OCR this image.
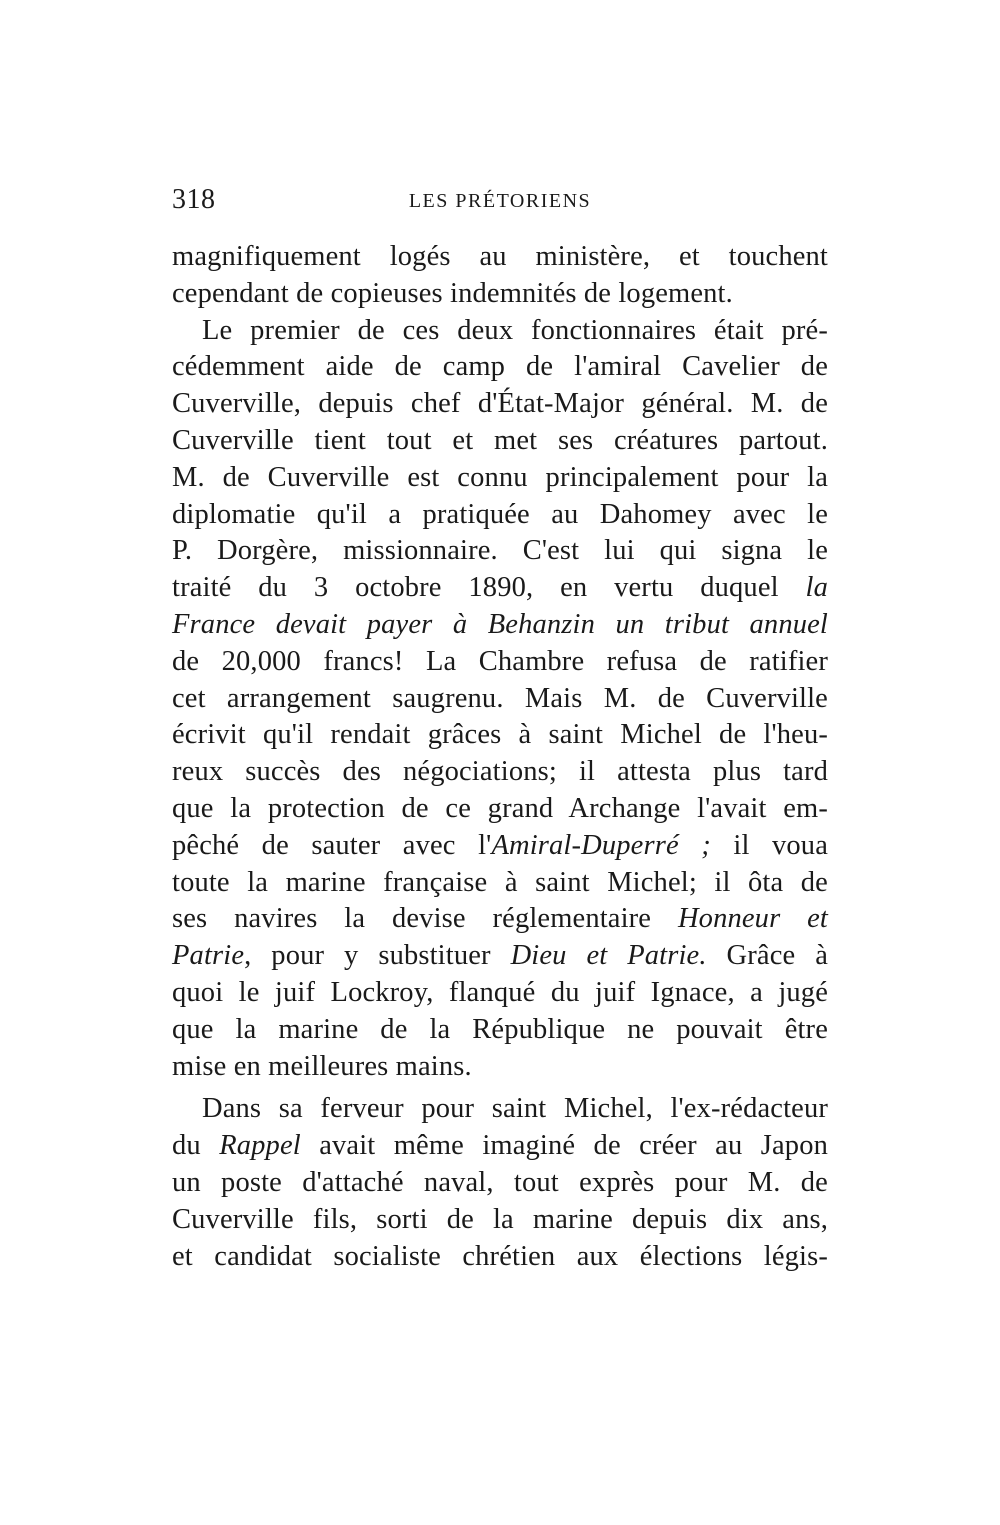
318	LES PRÉTORIENS
magnifiquement logés au ministère, et touchent
cependant de copieuses indemnités de logement.
Le premier de ces deux fonctionnaires était pré-
cédemment aide de camp de l'amiral Cavelier de
Cuverville, depuis chef d'État-Major général. M. de
Cuverville tient tout et met ses créatures partout.
M. de Cuverville est connu principalement pour la
diplomatie qu'il a pratiquée au Dahomey avec le
P. Dorgère, missionnaire. C'est lui qui signa le
traité du 3 octobre 1890, en vertu duquel la
France devait payer à Behanzin un tribut annuel
de 20,000 francs! La Chambre refusa de ratifier
cet arrangement saugrenu. Mais M. de Cuverville
écrivit qu'il rendait grâces à saint Michel de l'heu-
reux succès des négociations; il attesta plus tard
que la protection de ce grand Archange l'avait em-
pêché de sauter avec l'Amiral-Duperré ; il voua
toute la marine française à saint Michel; il ôta de
ses navires la devise réglementaire Honneur et
Patrie, pour y substituer Dieu et Patrie. Grâce à
quoi le juif Lockroy, flanqué du juif Ignace, a jugé
que la marine de la République ne pouvait être
mise en meilleures mains.
Dans sa ferveur pour saint Michel, l'ex-rédacteur
du Rappel avait même imaginé de créer au Japon
un poste d'attaché naval, tout exprès pour M. de
Cuverville fils, sorti de la marine depuis dix ans,
et candidat socialiste chrétien aux élections légis-
